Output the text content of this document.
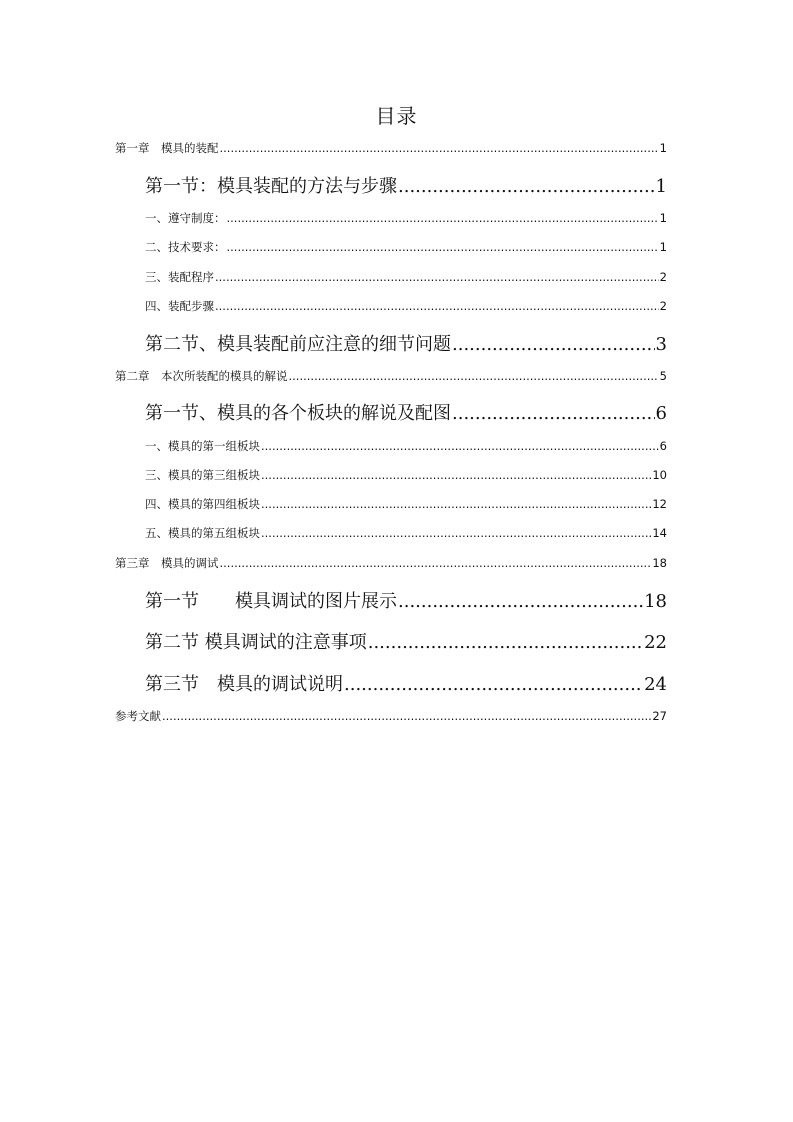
目录
第一章　模具的装配 .....	1
第一节：模具装配的方法与步骤 .....	1
一、遵守制度： .....	1
二、技术要求： .....	1
三、装配程序 .....	2
四、装配步骤 .....	2
第二节、模具装配前应注意的细节问题 .....	3
第二章　本次所装配的模具的解说 .....	5
第一节、模具的各个板块的解说及配图 .....	6
一、模具的第一组板块 .....	6
三、模具的第三组板块 .....	10
四、模具的第四组板块 .....	12
五、模具的第五组板块 .....	14
第三章　模具的调试 .....	18
第一节　　模具调试的图片展示 .....	18
第二节 模具调试的注意事项 .....	22
第三节　模具的调试说明 .....	24
参考文献 .....	27
